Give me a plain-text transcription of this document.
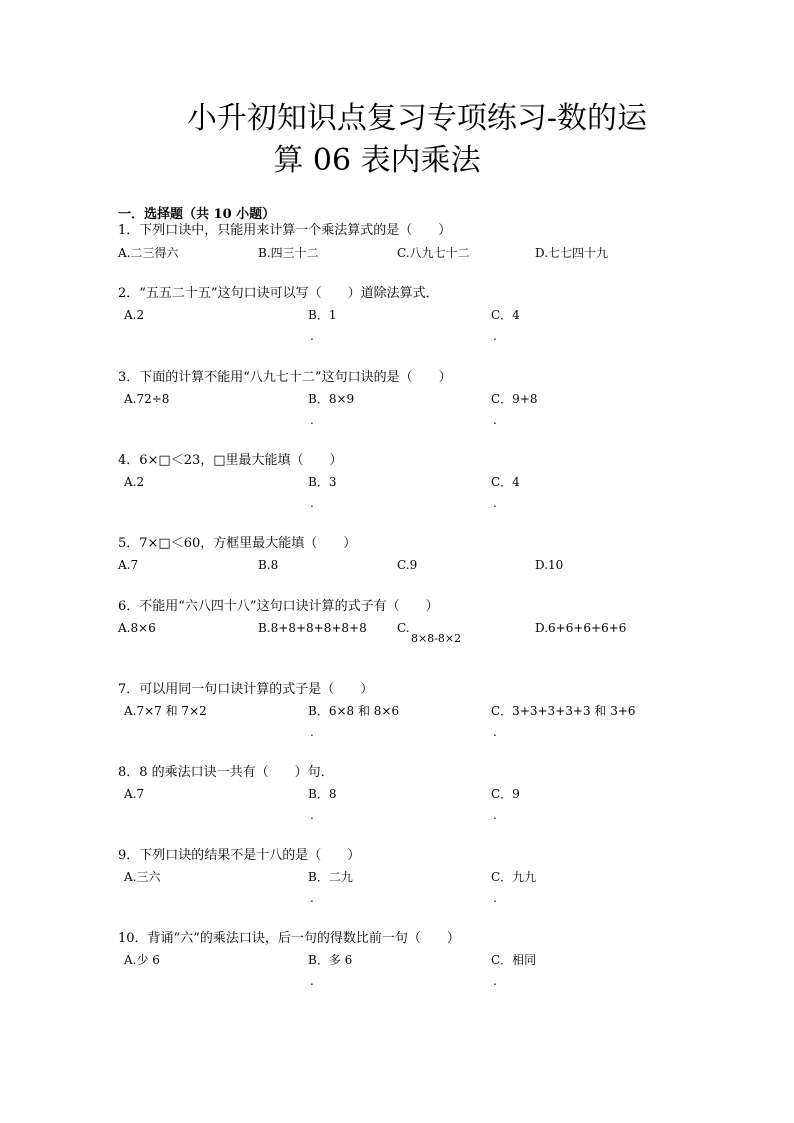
小升初知识点复习专项练习-数的运
算 06 表内乘法
一．选择题（共 10 小题）
1．下列口诀中，只能用来计算一个乘法算式的是（　　）
A.二三得六	B.四三十二	C.八九七十二	D.七七四十九
2．“五五二十五”这句口诀可以写（　　）道除法算式．
A.2	B．1	C．4
.	.
3．下面的计算不能用“八九七十二”这句口诀的是（　　）
A.72÷8	B．8×9	C．9+8
.	.
4．6×□＜23，□里最大能填（　　）
A.2	B．3	C．4
.	.
5．7×□＜60，方框里最大能填（　　）
A.7	B.8	C.9	D.10
6．不能用“六八四十八”这句口诀计算的式子有（　　）
A.8×6	B.8+8+8+8+8+8	C.
8×8-8×2
D.6+6+6+6+6
7．可以用同一句口诀计算的式子是（　　）
A.7×7 和 7×2	B．6×8 和 8×6	C．3+3+3+3+3 和 3+6
.	.
8．8 的乘法口诀一共有（　　）句．
A.7	B．8	C．9
.	.
9．下列口诀的结果不是十八的是（　　）
A.三六	B．二九	C．九九
.	.
10．背诵“六”的乘法口诀，后一句的得数比前一句（　　）
A.少 6	B．多 6	C．相同
.	.
